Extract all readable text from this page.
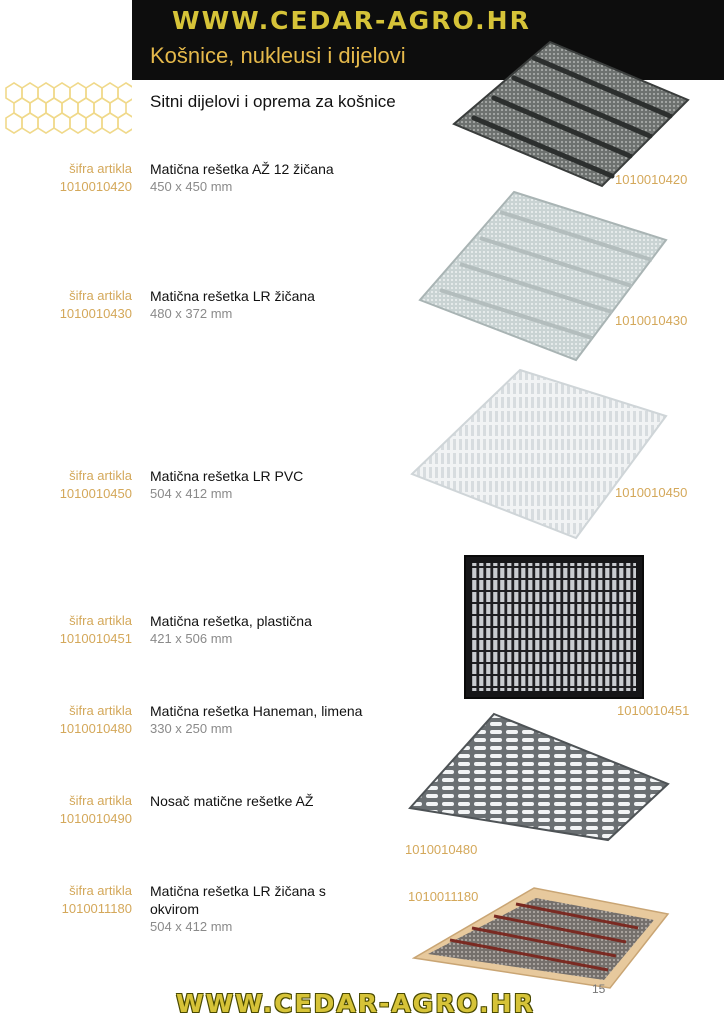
WWW.CEDAR-AGRO.HR
Košnice, nukleusi i dijelovi
Sitni dijelovi i oprema za košnice
šifra artikla
1010010420
Matična rešetka AŽ 12 žičana
450 x 450 mm
šifra artikla
1010010430
Matična rešetka LR žičana
480 x 372 mm
šifra artikla
1010010450
Matična rešetka LR PVC
504 x 412 mm
šifra artikla
1010010451
Matična rešetka, plastična
421 x 506 mm
šifra artikla
1010010480
Matična rešetka Haneman, limena
330 x 250 mm
šifra artikla
1010010490
Nosač matične rešetke AŽ
šifra artikla
1010011180
Matična rešetka LR žičana s okvirom
504 x 412 mm
1010010420
1010010430
1010010450
1010010451
1010010480
1010011180
WWW.CEDAR-AGRO.HR	15
